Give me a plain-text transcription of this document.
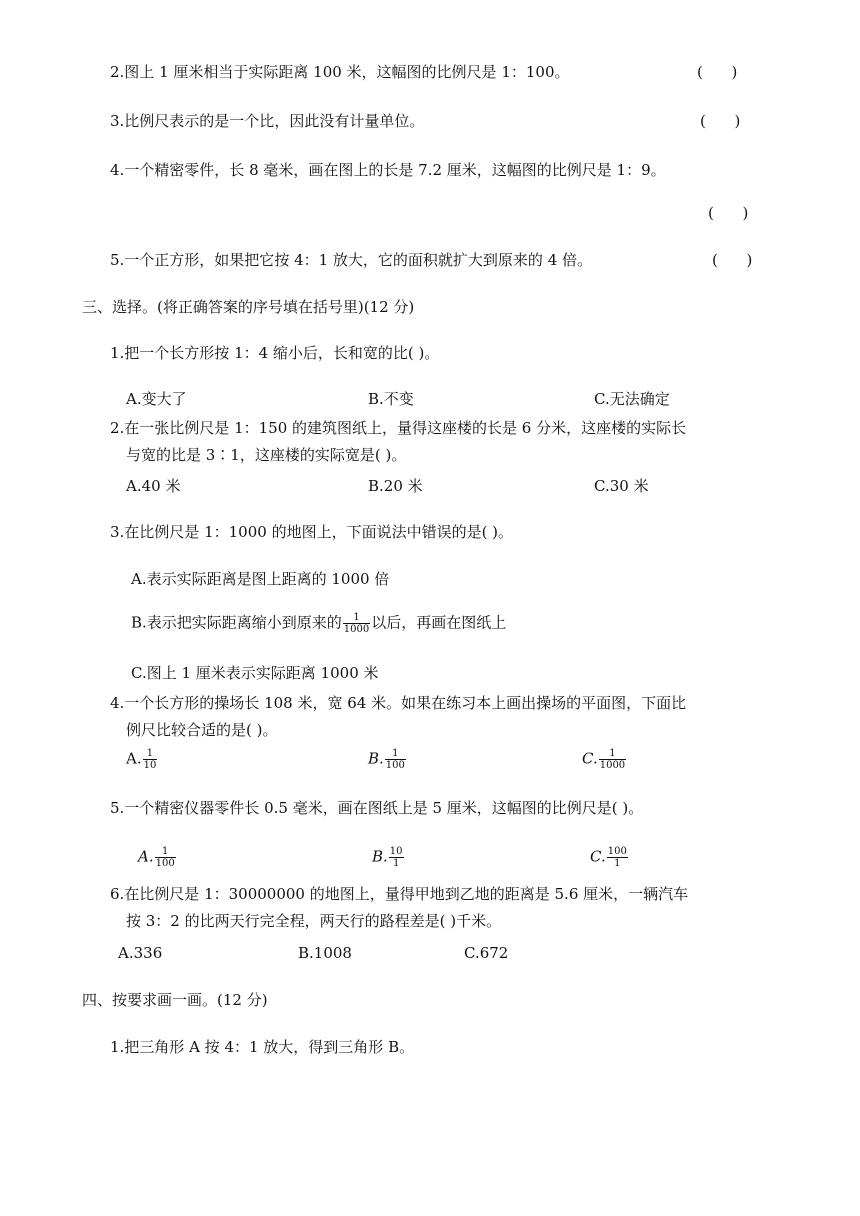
2.图上 1 厘米相当于实际距离 100 米，这幅图的比例尺是 1：100。	(      )
3.比例尺表示的是一个比，因此没有计量单位。	(      )
4.一个精密零件，长 8 毫米，画在图上的长是 7.2 厘米，这幅图的比例尺是 1：9。
(      )
5.一个正方形，如果把它按 4：1 放大，它的面积就扩大到原来的 4 倍。	(      )
三、选择。(将正确答案的序号填在括号里)(12 分)
1.把一个长方形按 1：4 缩小后，长和宽的比( )。
A.变大了	B.不变	C.无法确定
2.在一张比例尺是 1：150 的建筑图纸上，量得这座楼的长是 6 分米，这座楼的实际长
与宽的比是 3∶1，这座楼的实际宽是( )。
A.40 米	B.20 米	C.30 米
3.在比例尺是 1：1000 的地图上，下面说法中错误的是( )。
A.表示实际距离是图上距离的 1000 倍
B.表示把实际距离缩小到原来的 $\frac{1}{1000}$ 以后，再画在图纸上
C.图上 1 厘米表示实际距离 1000 米
4.一个长方形的操场长 108 米，宽 64 米。如果在练习本上画出操场的平面图，下面比
例尺比较合适的是( )。
A. $\frac{1}{10}$	B. $\frac{1}{100}$	C. $\frac{1}{1000}$
5.一个精密仪器零件长 0.5 毫米，画在图纸上是 5 厘米，这幅图的比例尺是( )。
A. $\frac{1}{100}$	B. $\frac{10}{1}$	C. $\frac{100}{1}$
6.在比例尺是 1：30000000 的地图上，量得甲地到乙地的距离是 5.6 厘米，一辆汽车
按 3：2 的比两天行完全程，两天行的路程差是( )千米。
A.336	B.1008	C.672
四、按要求画一画。(12 分)
1.把三角形 A 按 4：1 放大，得到三角形 B。
